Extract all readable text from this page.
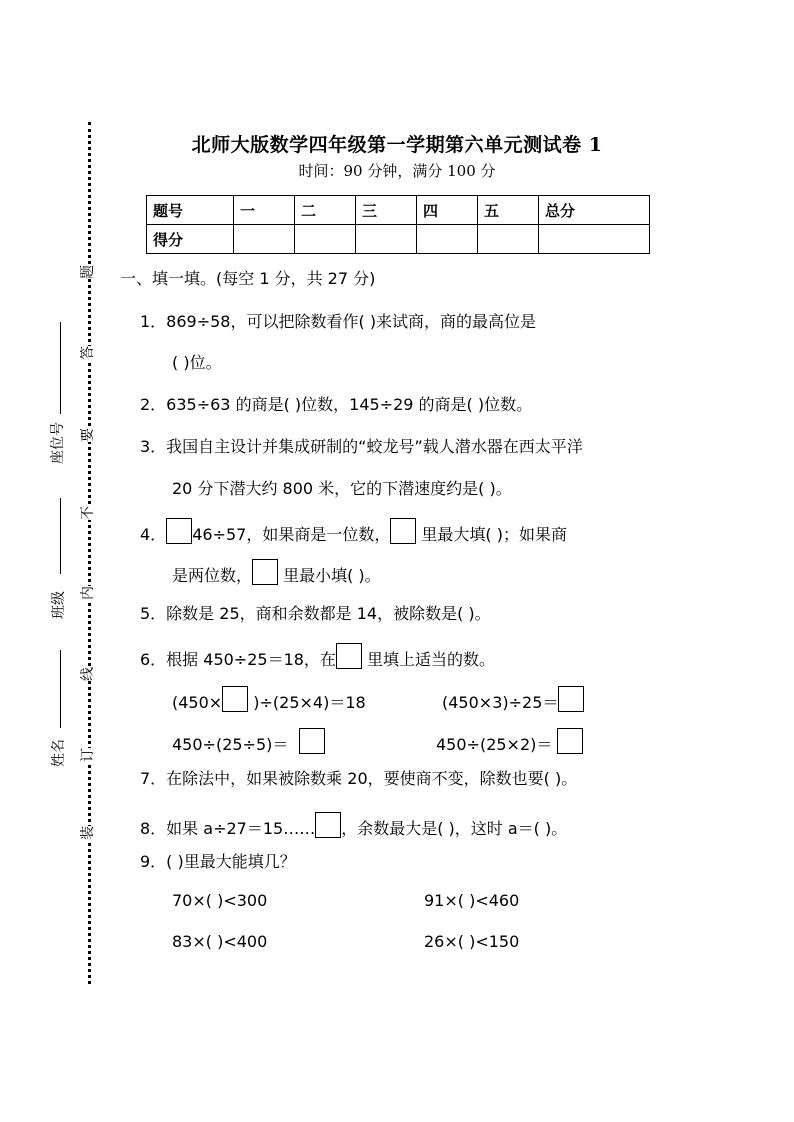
题
答
要
不
内
线
订
装
座位号
班级
姓名
北师大版数学四年级第一学期第六单元测试卷 1
时间：90 分钟，满分 100 分
题号	一	二	三	四	五	总分
得分						
一、填一填。(每空 1 分，共 27 分)
1．869÷58，可以把除数看作( )来试商，商的最高位是
( )位。
2．635÷63 的商是( )位数，145÷29 的商是( )位数。
3．我国自主设计并集成研制的“蛟龙号”载人潜水器在西太平洋
20 分下潜大约 800 米，它的下潜速度约是( )。
4． 46÷57，如果商是一位数， 里最大填( )；如果商
是两位数， 里最小填( )。
5．除数是 25，商和余数都是 14，被除数是( )。
6．根据 450÷25＝18，在 里填上适当的数。
(450× )÷(25×4)＝18	(450×3)÷25＝
450÷(25÷5)＝	450÷(25×2)＝
7．在除法中，如果被除数乘 20，要使商不变，除数也要( )。
8．如果 a÷27＝15…… ，余数最大是( )，这时 a＝( )。
9．( )里最大能填几？
70×( )<300	91×( )<460
83×( )<400	26×( )<150
